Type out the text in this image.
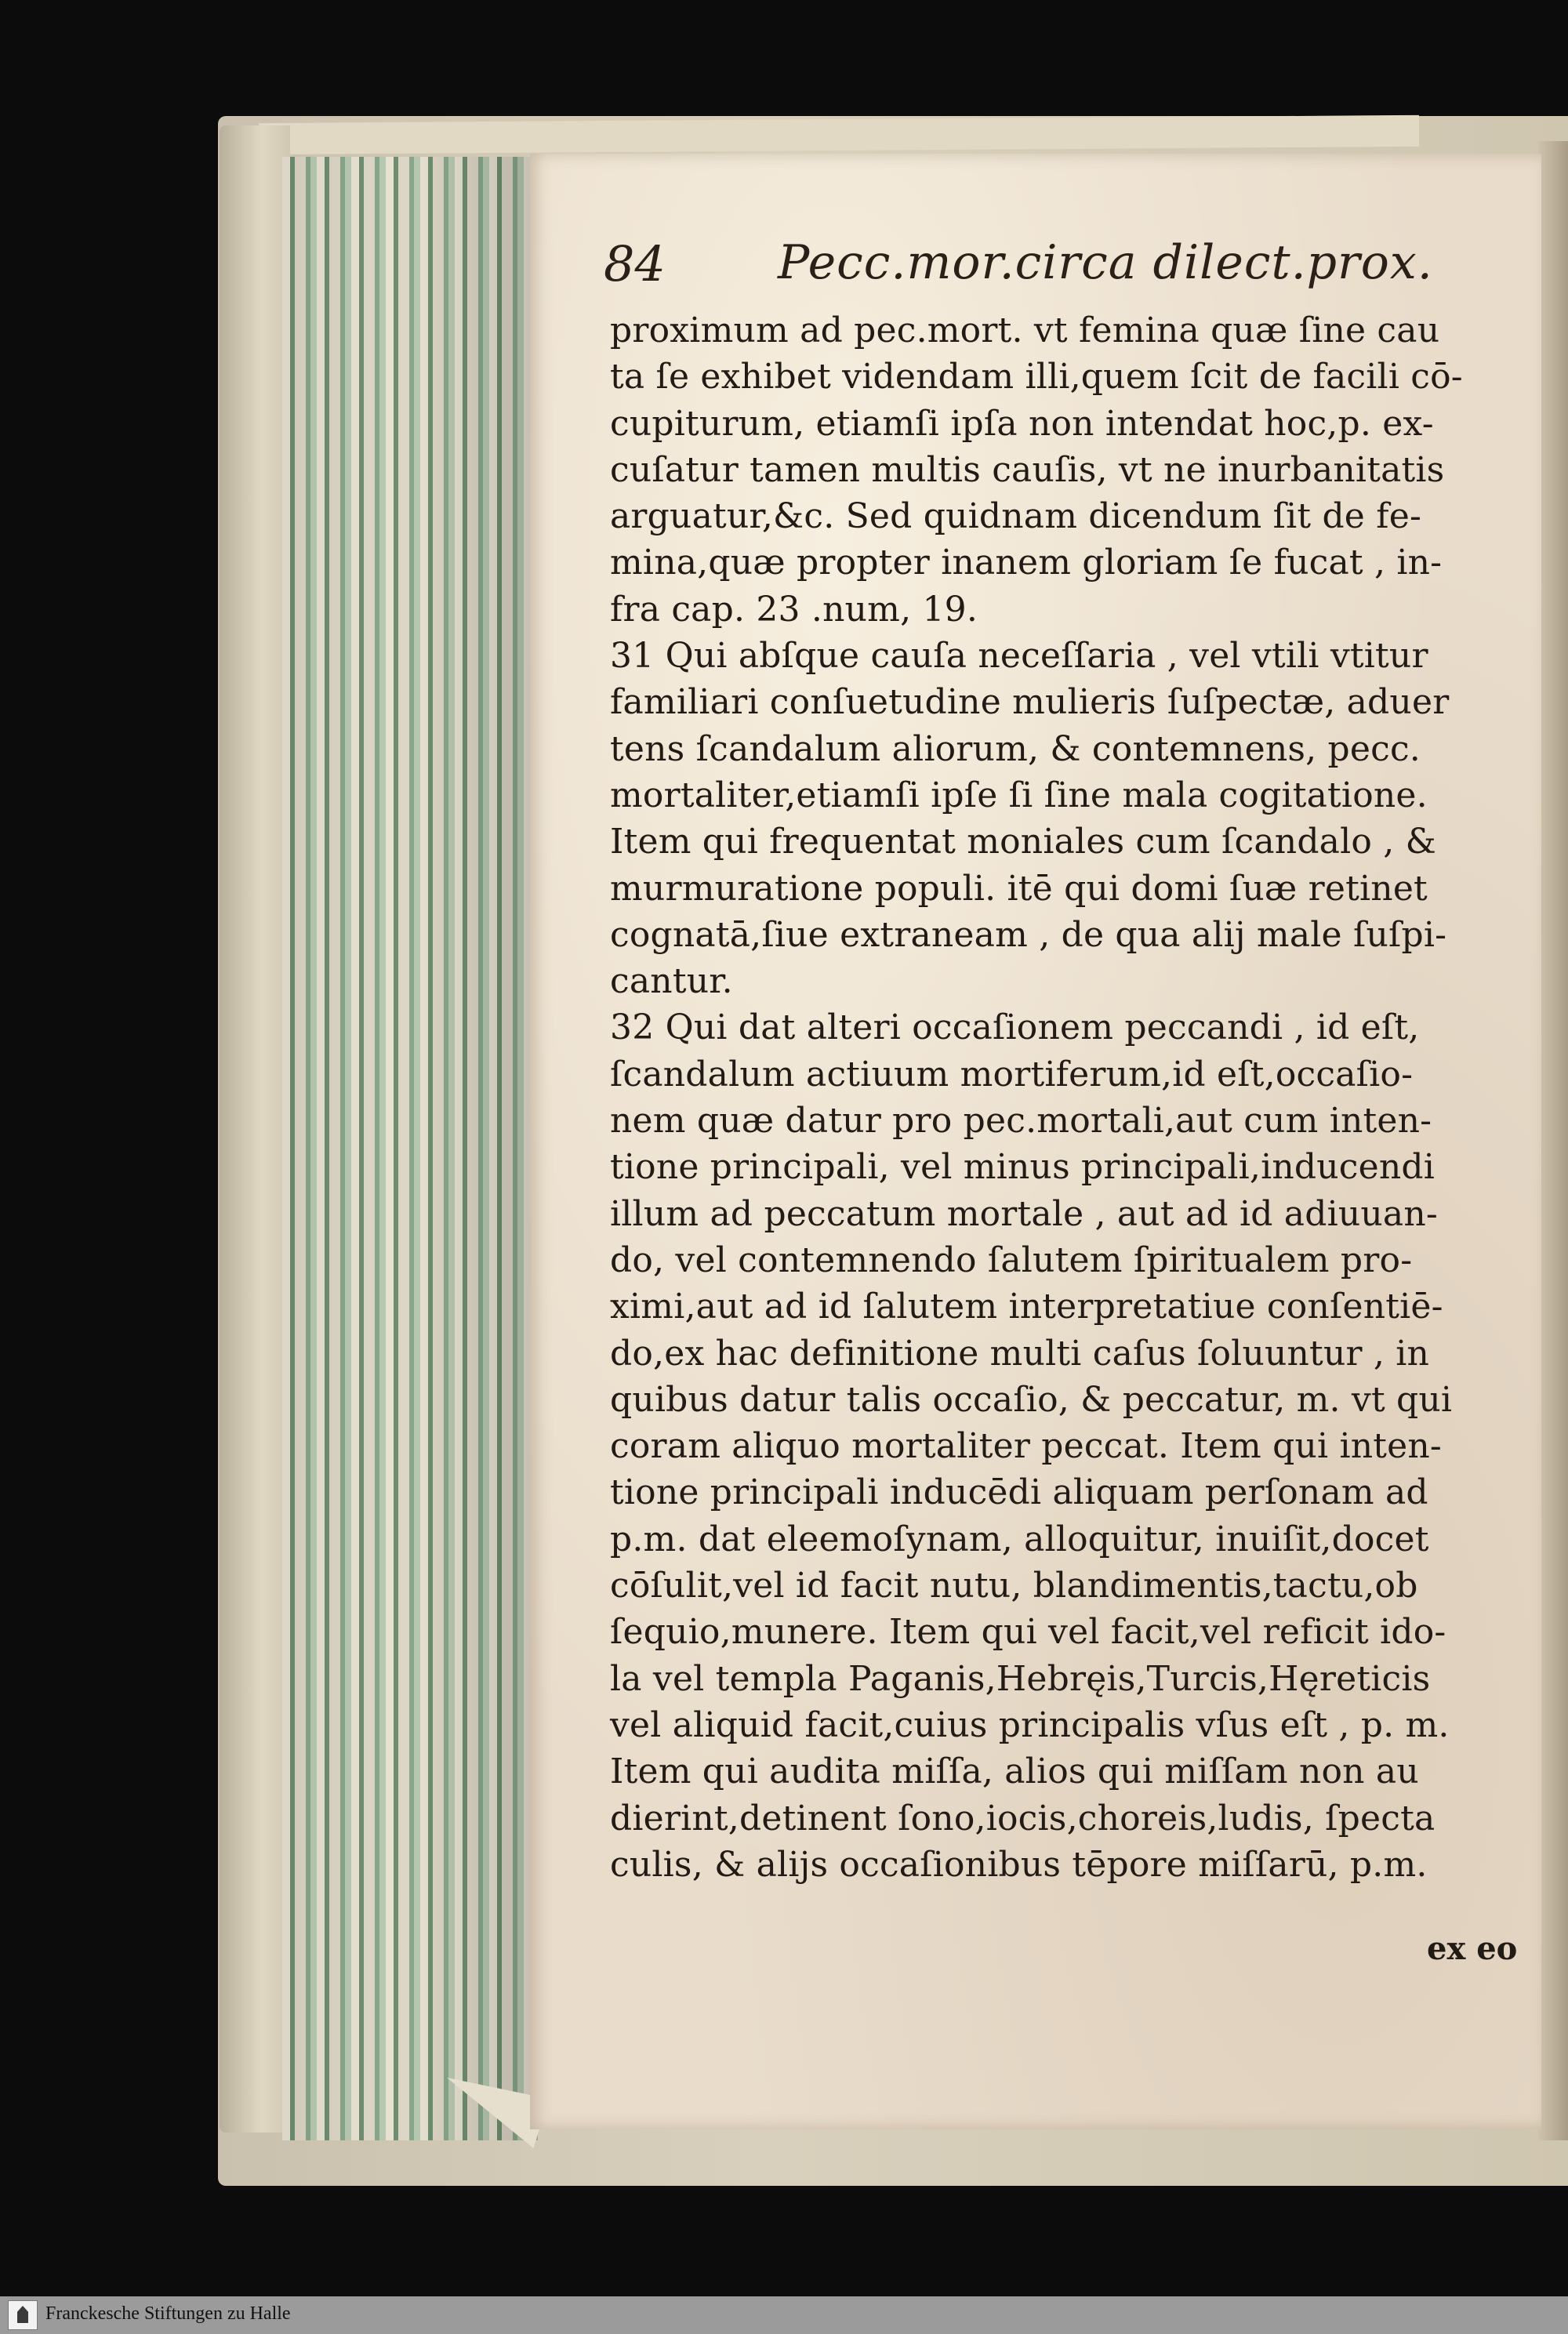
84 Pecc.mor.circa dilect.prox.
proximum ad pec.mort. vt femina quæ ſine cau
ta ſe exhibet videndam illi,quem ſcit de facili cō-
cupiturum, etiamſi ipſa non intendat hoc,p. ex-
cuſatur tamen multis cauſis, vt ne inurbanitatis
arguatur,&c. Sed quidnam dicendum ſit de fe-
mina,quæ propter inanem gloriam ſe fucat , in-
fra cap. 23 .num, 19.
31 Qui abſque cauſa neceſſaria , vel vtili vtitur
familiari conſuetudine mulieris ſuſpectæ, aduer
tens ſcandalum aliorum, & contemnens, pecc.
mortaliter,etiamſi ipſe ſi ſine mala cogitatione.
Item qui frequentat moniales cum ſcandalo , &
murmuratione populi. itē qui domi ſuæ retinet
cognatā,ſiue extraneam , de qua alij male ſuſpi-
cantur.
32 Qui dat alteri occaſionem peccandi , id eſt,
ſcandalum actiuum mortiferum,id eſt,occaſio-
nem quæ datur pro pec.mortali,aut cum inten-
tione principali, vel minus principali,inducendi
illum ad peccatum mortale , aut ad id adiuuan-
do, vel contemnendo ſalutem ſpiritualem pro-
ximi,aut ad id ſalutem interpretatiue conſentiē-
do,ex hac definitione multi caſus ſoluuntur , in
quibus datur talis occaſio, & peccatur, m. vt qui
coram aliquo mortaliter peccat. Item qui inten-
tione principali inducēdi aliquam perſonam ad
p.m. dat eleemoſynam, alloquitur, inuiſit,docet
cōſulit,vel id facit nutu, blandimentis,tactu,ob
ſequio,munere. Item qui vel facit,vel reficit ido-
la vel templa Paganis,Hebręis,Turcis,Hęreticis
vel aliquid facit,cuius principalis vſus eſt , p. m.
Item qui audita miſſa, alios qui miſſam non au
dierint,detinent ſono,iocis,choreis,ludis, ſpecta
culis, & alijs occaſionibus tēpore miſſarū, p.m.
ex eo
Franckesche Stiftungen zu Halle
